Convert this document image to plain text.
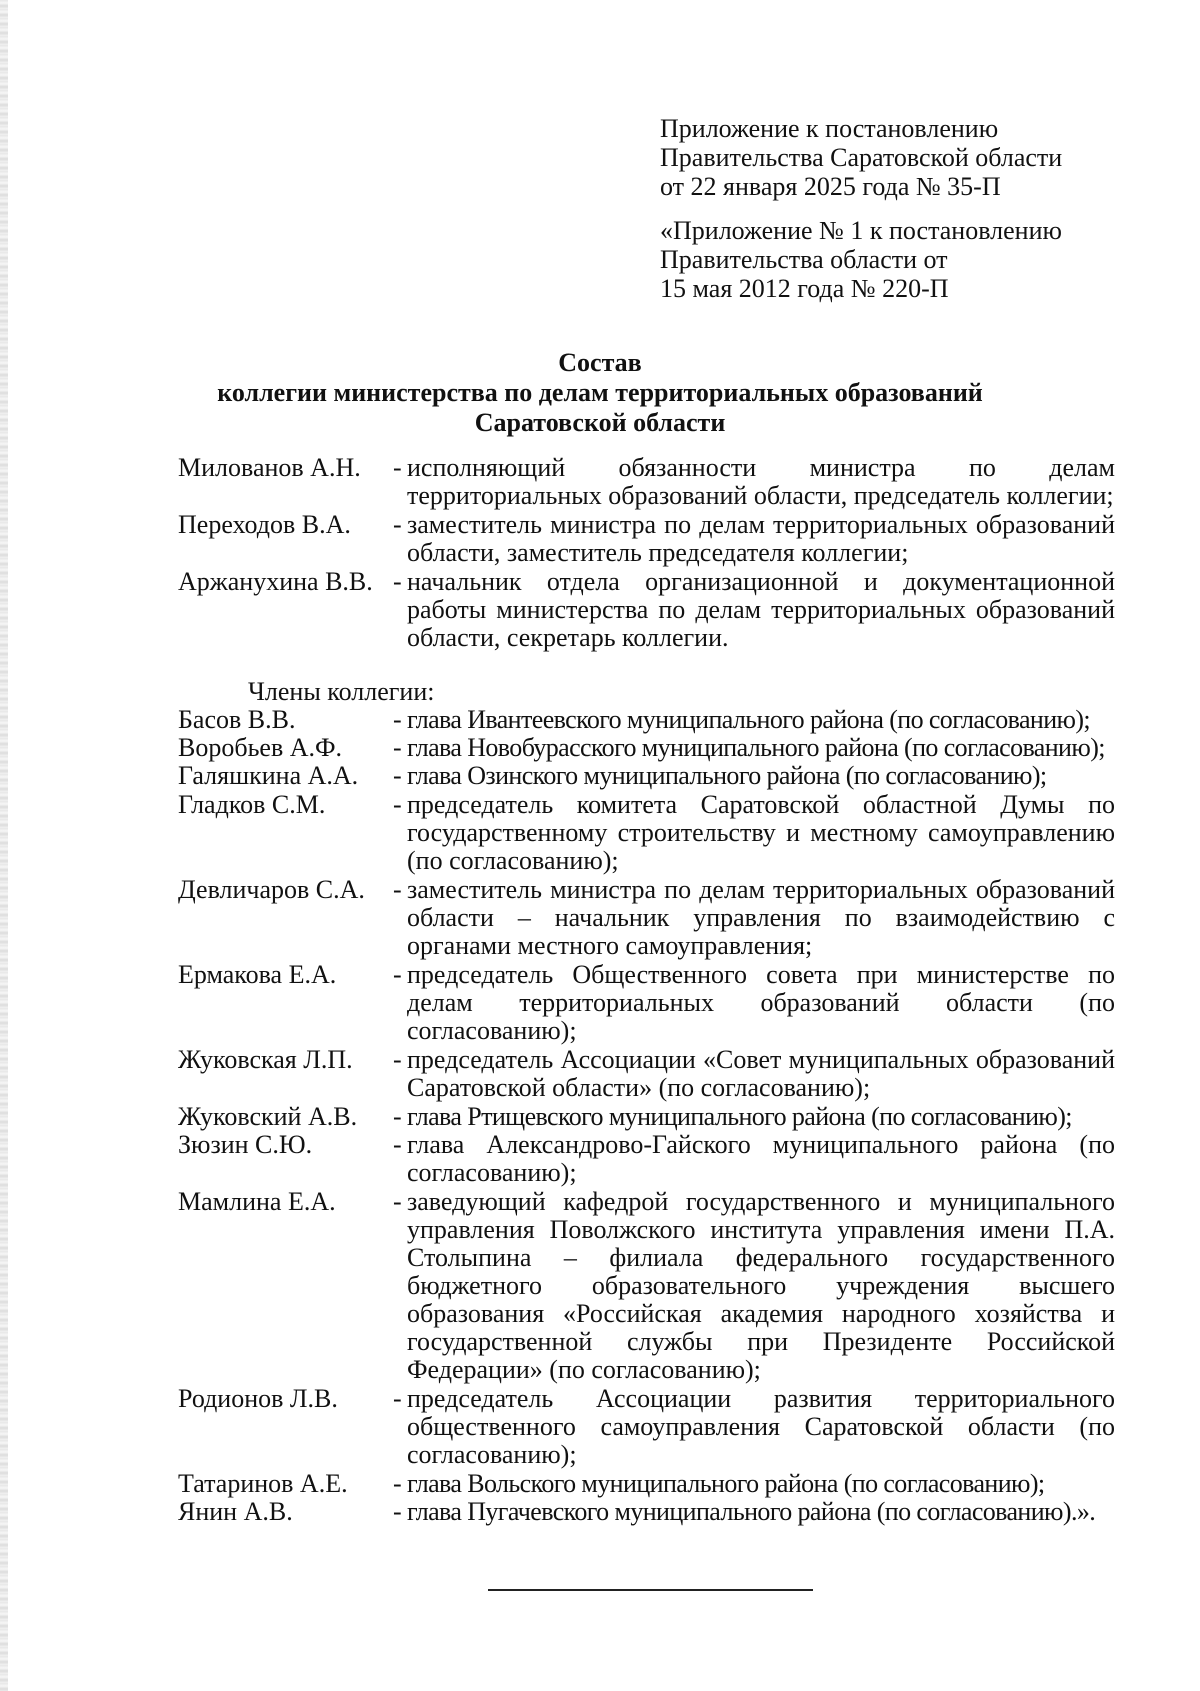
Приложение к постановлению
Правительства Саратовской области
от 22 января 2025 года № 35-П
«Приложение № 1 к постановлению
Правительства области от
15 мая 2012 года № 220-П
Состав
коллегии министерства по делам территориальных образований
Саратовской области
Милованов А.Н.	- исполняющий обязанности министра по делам территориальных образований области, председатель коллегии;
Переходов В.А.	- заместитель министра по делам территориальных образований области, заместитель председателя коллегии;
Аржанухина В.В. - начальник отдела организационной и документационной работы министерства по делам территориальных образований области, секретарь коллегии.
Члены коллегии:
Басов В.В.	- глава Ивантеевского муниципального района (по согласованию);
Воробьев А.Ф.	- глава Новобурасского муниципального района (по согласованию);
Галяшкина А.А.	- глава Озинского муниципального района (по согласованию);
Гладков С.М.	- председатель комитета Саратовской областной Думы по государственному строительству и местному самоуправлению (по согласованию);
Девличаров С.А.	- заместитель министра по делам территориальных образований области – начальник управления по взаимодействию с органами местного самоуправления;
Ермакова Е.А.	- председатель Общественного совета при министерстве по делам территориальных образований области (по согласованию);
Жуковская Л.П.	- председатель Ассоциации «Совет муниципальных образований Саратовской области» (по согласованию);
Жуковский А.В.	- глава Ртищевского муниципального района (по согласованию);
Зюзин С.Ю.	- глава Александрово-Гайского муниципального района (по согласованию);
Мамлина Е.А.	- заведующий кафедрой государственного и муниципального управления Поволжского института управления имени П.А. Столыпина – филиала федерального государственного бюджетного образовательного учреждения высшего образования «Российская академия народного хозяйства и государственной службы при Президенте Российской Федерации» (по согласованию);
Родионов Л.В.	- председатель Ассоциации развития территориального общественного самоуправления Саратовской области (по согласованию);
Татаринов А.Е.	- глава Вольского муниципального района (по согласованию);
Янин А.В.	- глава Пугачевского муниципального района (по согласованию).».
